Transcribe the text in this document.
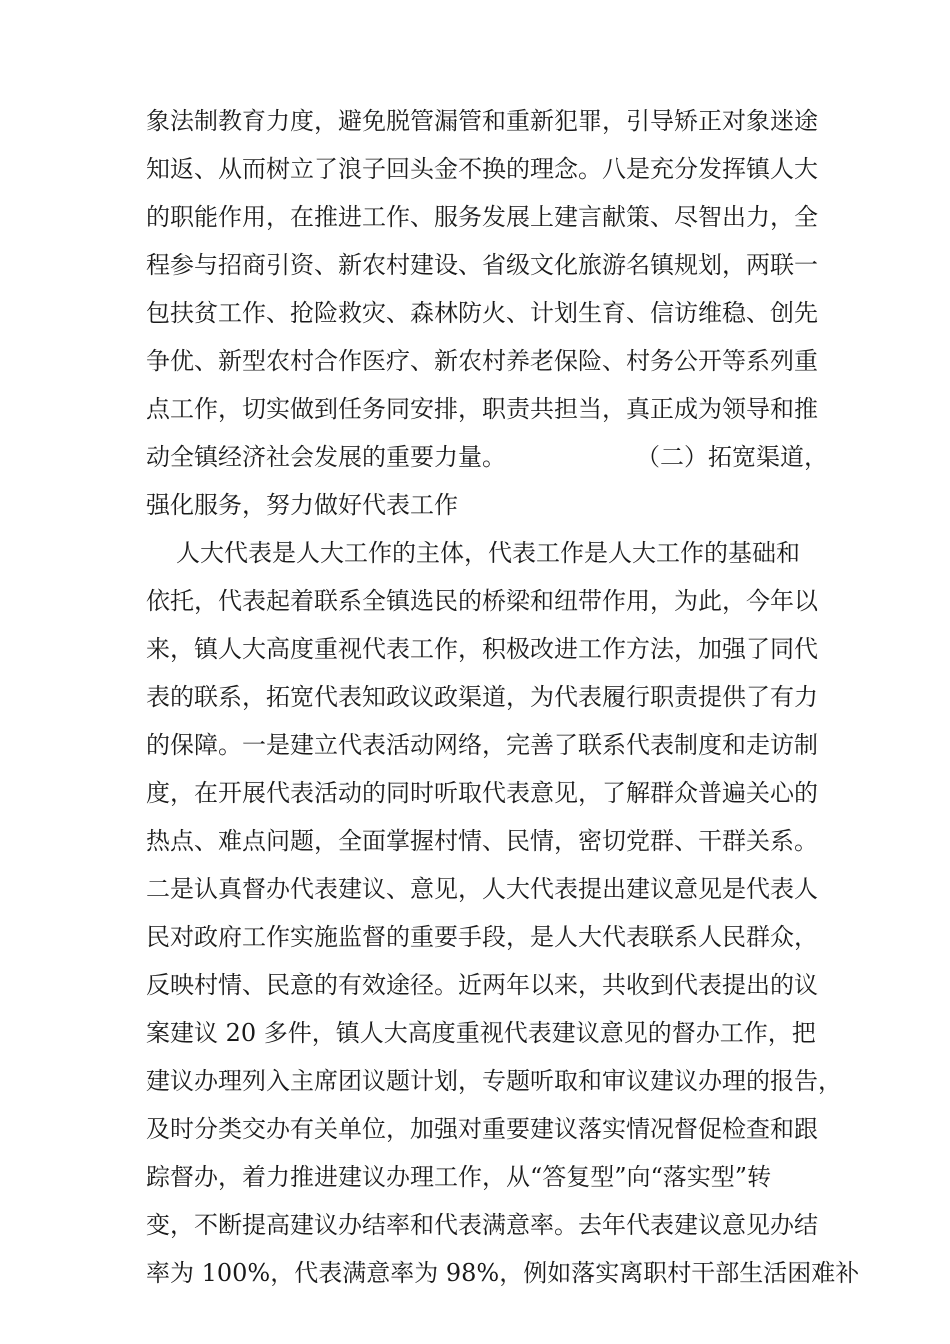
象法制教育力度，避免脱管漏管和重新犯罪，引导矫正对象迷途
知返、从而树立了浪子回头金不换的理念。八是充分发挥镇人大
的职能作用，在推进工作、服务发展上建言献策、尽智出力，全
程参与招商引资、新农村建设、省级文化旅游名镇规划，两联一
包扶贫工作、抢险救灾、森林防火、计划生育、信访维稳、创先
争优、新型农村合作医疗、新农村养老保险、村务公开等系列重
点工作，切实做到任务同安排，职责共担当，真正成为领导和推
动全镇经济社会发展的重要力量。	（二）拓宽渠道，
强化服务，努力做好代表工作
人大代表是人大工作的主体，代表工作是人大工作的基础和
依托，代表起着联系全镇选民的桥梁和纽带作用，为此，今年以
来，镇人大高度重视代表工作，积极改进工作方法，加强了同代
表的联系，拓宽代表知政议政渠道，为代表履行职责提供了有力
的保障。一是建立代表活动网络，完善了联系代表制度和走访制
度，在开展代表活动的同时听取代表意见，了解群众普遍关心的
热点、难点问题，全面掌握村情、民情，密切党群、干群关系。
二是认真督办代表建议、意见，人大代表提出建议意见是代表人
民对政府工作实施监督的重要手段，是人大代表联系人民群众，
反映村情、民意的有效途径。近两年以来，共收到代表提出的议
案建议 20 多件，镇人大高度重视代表建议意见的督办工作，把
建议办理列入主席团议题计划，专题听取和审议建议办理的报告，
及时分类交办有关单位，加强对重要建议落实情况督促检查和跟
踪督办，着力推进建议办理工作，从“答复型”向“落实型”转
变，不断提高建议办结率和代表满意率。去年代表建议意见办结
率为 100%，代表满意率为 98%，例如落实离职村干部生活困难补
